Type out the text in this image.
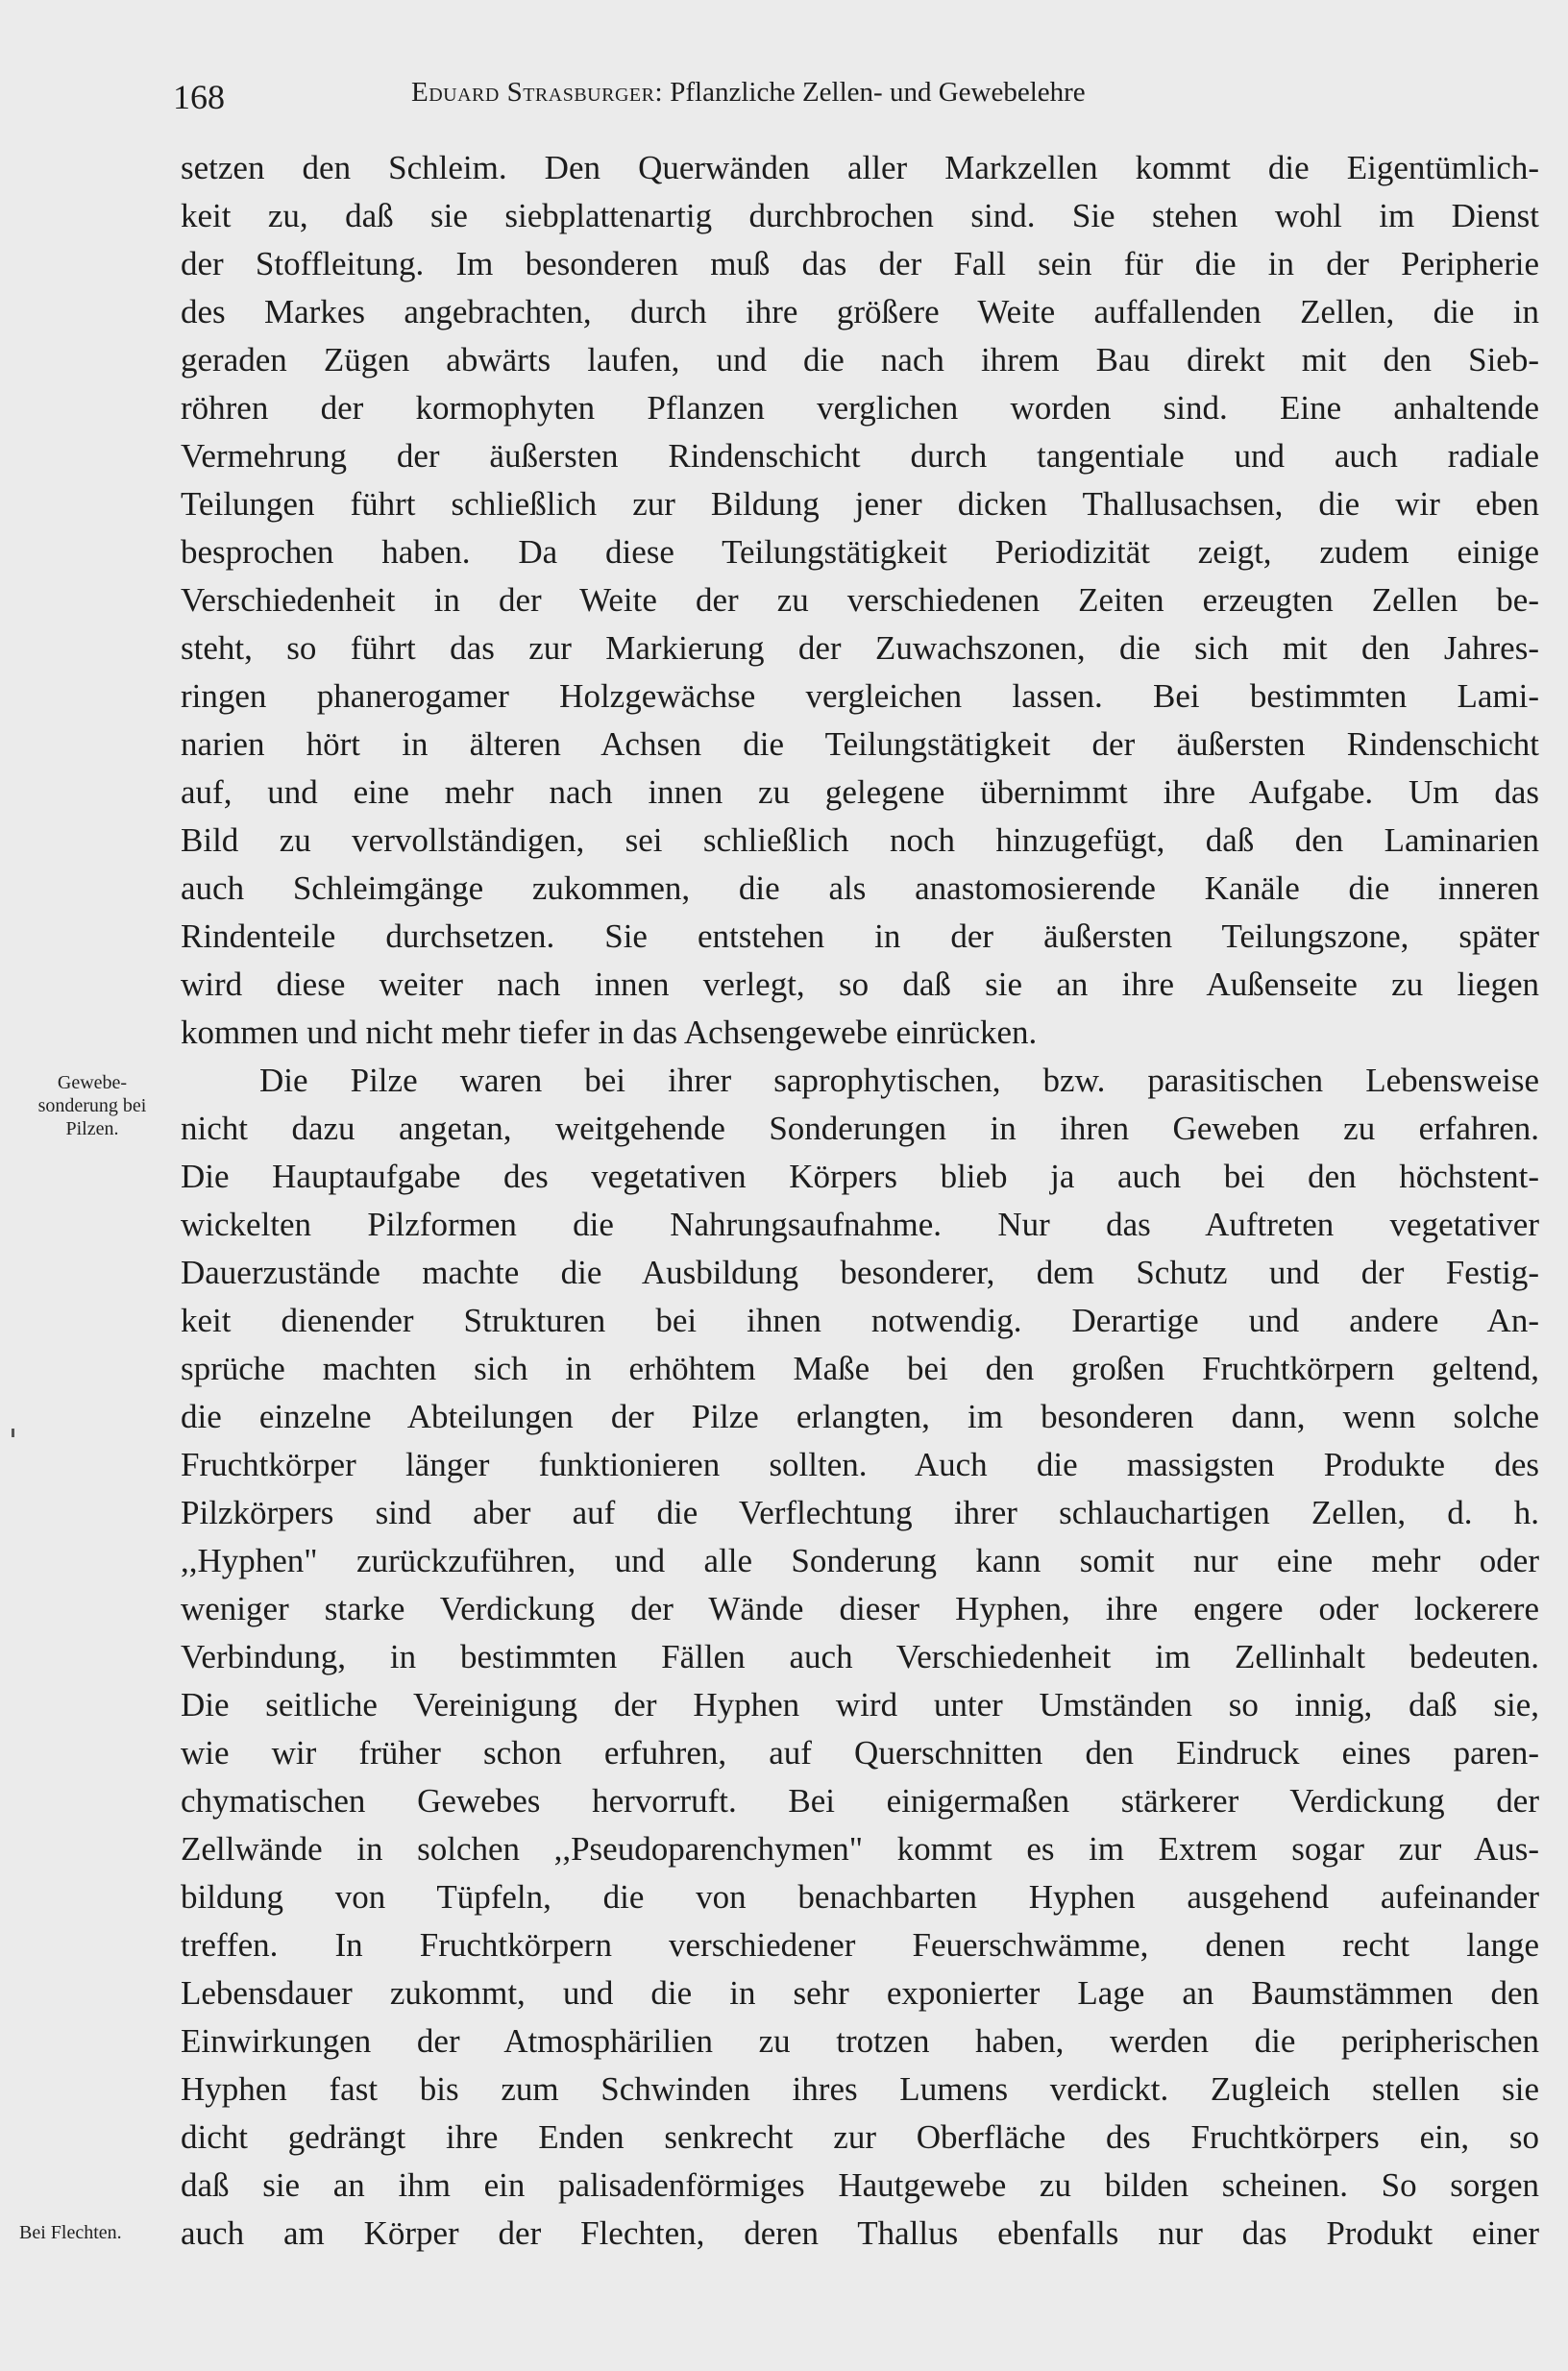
168	Eduard Strasburger: Pflanzliche Zellen- und Gewebelehre
Gewebe-
sonderung bei
Pilzen.
Bei Flechten.
setzen den Schleim. Den Querwänden aller Markzellen kommt die Eigentümlich-
keit zu, daß sie siebplattenartig durchbrochen sind. Sie stehen wohl im Dienst
der Stoffleitung. Im besonderen muß das der Fall sein für die in der Peripherie
des Markes angebrachten, durch ihre größere Weite auffallenden Zellen, die in
geraden Zügen abwärts laufen, und die nach ihrem Bau direkt mit den Sieb-
röhren der kormophyten Pflanzen verglichen worden sind. Eine anhaltende
Vermehrung der äußersten Rindenschicht durch tangentiale und auch radiale
Teilungen führt schließlich zur Bildung jener dicken Thallusachsen, die wir eben
besprochen haben. Da diese Teilungstätigkeit Periodizität zeigt, zudem einige
Verschiedenheit in der Weite der zu verschiedenen Zeiten erzeugten Zellen be-
steht, so führt das zur Markierung der Zuwachszonen, die sich mit den Jahres-
ringen phanerogamer Holzgewächse vergleichen lassen. Bei bestimmten Lami-
narien hört in älteren Achsen die Teilungstätigkeit der äußersten Rindenschicht
auf, und eine mehr nach innen zu gelegene übernimmt ihre Aufgabe. Um das
Bild zu vervollständigen, sei schließlich noch hinzugefügt, daß den Laminarien
auch Schleimgänge zukommen, die als anastomosierende Kanäle die inneren
Rindenteile durchsetzen. Sie entstehen in der äußersten Teilungszone, später
wird diese weiter nach innen verlegt, so daß sie an ihre Außenseite zu liegen
kommen und nicht mehr tiefer in das Achsengewebe einrücken.
Die Pilze waren bei ihrer saprophytischen, bzw. parasitischen Lebensweise
nicht dazu angetan, weitgehende Sonderungen in ihren Geweben zu erfahren.
Die Hauptaufgabe des vegetativen Körpers blieb ja auch bei den höchstent-
wickelten Pilzformen die Nahrungsaufnahme. Nur das Auftreten vegetativer
Dauerzustände machte die Ausbildung besonderer, dem Schutz und der Festig-
keit dienender Strukturen bei ihnen notwendig. Derartige und andere An-
sprüche machten sich in erhöhtem Maße bei den großen Fruchtkörpern geltend,
die einzelne Abteilungen der Pilze erlangten, im besonderen dann, wenn solche
Fruchtkörper länger funktionieren sollten. Auch die massigsten Produkte des
Pilzkörpers sind aber auf die Verflechtung ihrer schlauchartigen Zellen, d. h.
,,Hyphen" zurückzuführen, und alle Sonderung kann somit nur eine mehr oder
weniger starke Verdickung der Wände dieser Hyphen, ihre engere oder lockerere
Verbindung, in bestimmten Fällen auch Verschiedenheit im Zellinhalt bedeuten.
Die seitliche Vereinigung der Hyphen wird unter Umständen so innig, daß sie,
wie wir früher schon erfuhren, auf Querschnitten den Eindruck eines paren-
chymatischen Gewebes hervorruft. Bei einigermaßen stärkerer Verdickung der
Zellwände in solchen ,,Pseudoparenchymen" kommt es im Extrem sogar zur Aus-
bildung von Tüpfeln, die von benachbarten Hyphen ausgehend aufeinander
treffen. In Fruchtkörpern verschiedener Feuerschwämme, denen recht lange
Lebensdauer zukommt, und die in sehr exponierter Lage an Baumstämmen den
Einwirkungen der Atmosphärilien zu trotzen haben, werden die peripherischen
Hyphen fast bis zum Schwinden ihres Lumens verdickt. Zugleich stellen sie
dicht gedrängt ihre Enden senkrecht zur Oberfläche des Fruchtkörpers ein, so
daß sie an ihm ein palisadenförmiges Hautgewebe zu bilden scheinen. So sorgen
auch am Körper der Flechten, deren Thallus ebenfalls nur das Produkt einer
